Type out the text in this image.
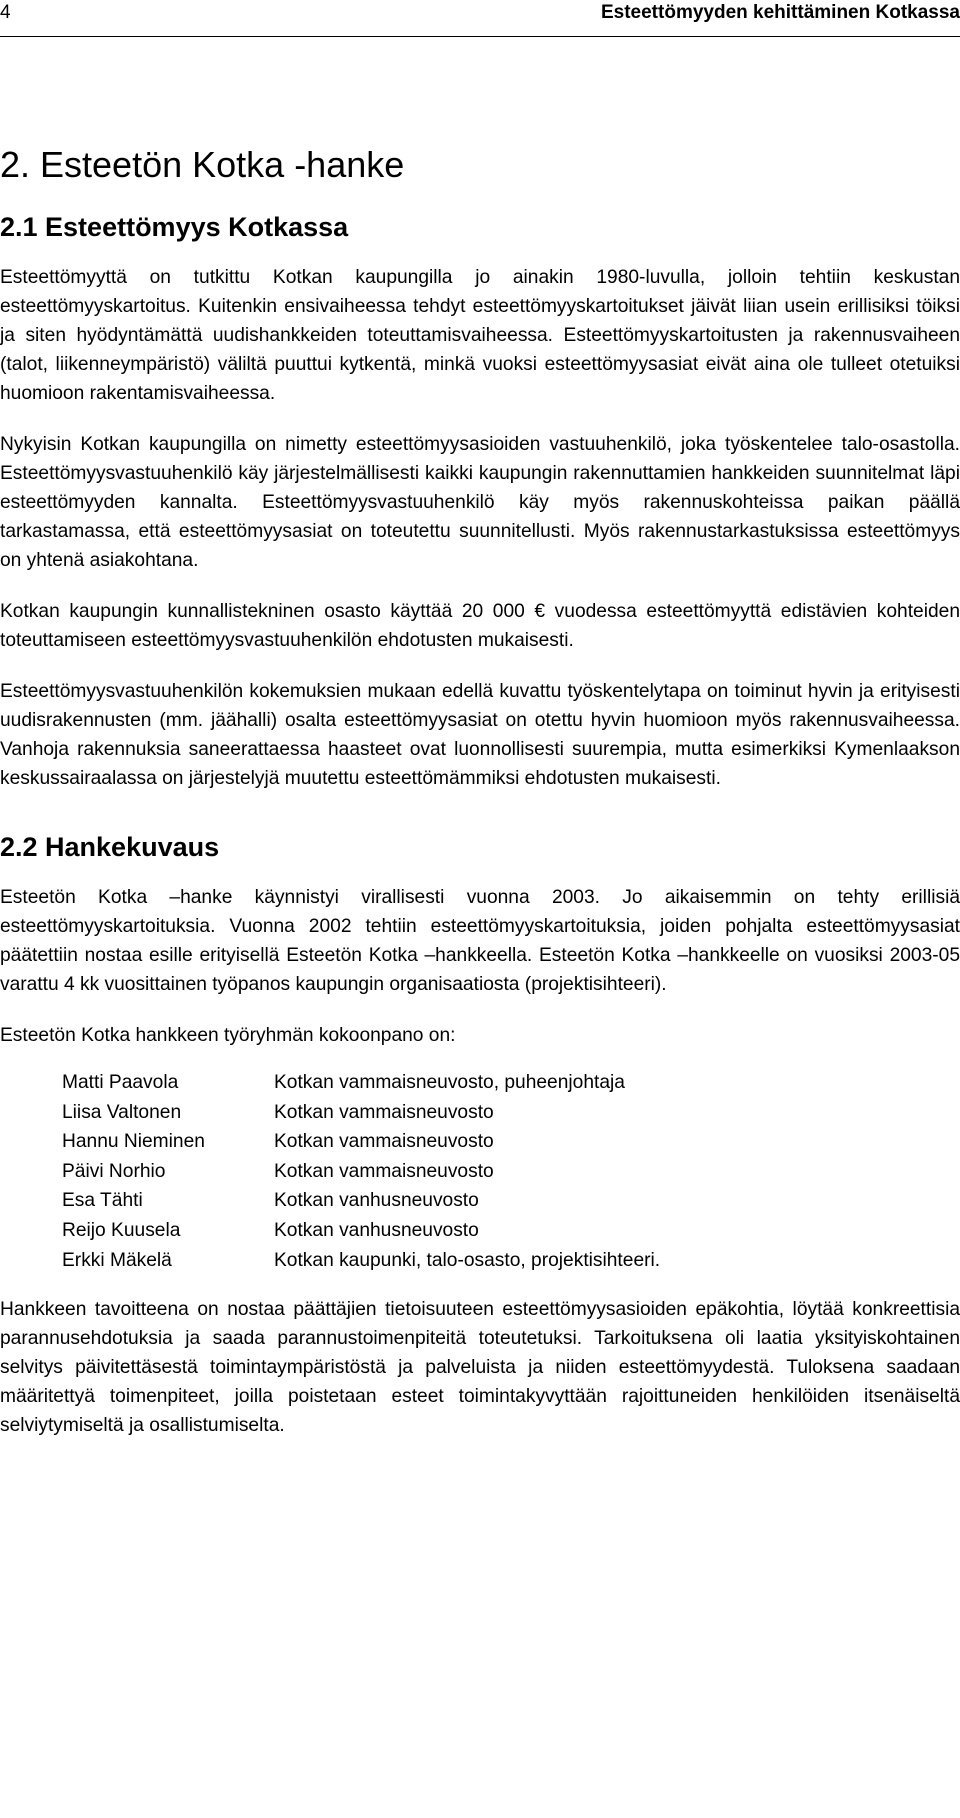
4	Esteettömyyden kehittäminen Kotkassa
2. Esteetön Kotka -hanke
2.1 Esteettömyys Kotkassa

Esteettömyyttä on tutkittu Kotkan kaupungilla jo ainakin 1980-luvulla, jolloin tehtiin keskustan esteettömyyskartoitus. Kuitenkin ensivaiheessa tehdyt esteettömyyskartoitukset jäivät liian usein erillisiksi töiksi ja siten hyödyntämättä uudishankkeiden toteuttamisvaiheessa. Esteettömyyskartoitusten ja rakennusvaiheen (talot, liikenneympäristö) väliltä puuttui kytkentä, minkä vuoksi esteettömyysasiat eivät aina ole tulleet otetuiksi huomioon rakentamisvaiheessa.

Nykyisin Kotkan kaupungilla on nimetty esteettömyysasioiden vastuuhenkilö, joka työskentelee talo-osastolla. Esteettömyysvastuuhenkilö käy järjestelmällisesti kaikki kaupungin rakennuttamien hankkeiden suunnitelmat läpi esteettömyyden kannalta. Esteettömyysvastuuhenkilö käy myös rakennuskohteissa paikan päällä tarkastamassa, että esteettömyysasiat on toteutettu suunnitellusti. Myös rakennustarkastuksissa esteettömyys on yhtenä asiakohtana.

Kotkan kaupungin kunnallistekninen osasto käyttää 20 000 € vuodessa esteettömyyttä edistävien kohteiden toteuttamiseen esteettömyysvastuuhenkilön ehdotusten mukaisesti.

Esteettömyysvastuuhenkilön kokemuksien mukaan edellä kuvattu työskentelytapa on toiminut hyvin ja erityisesti uudisrakennusten (mm. jäähalli) osalta esteettömyysasiat on otettu hyvin huomioon myös rakennusvaiheessa. Vanhoja rakennuksia saneerattaessa haasteet ovat luonnollisesti suurempia, mutta esimerkiksi Kymenlaakson keskussairaalassa on järjestelyjä muutettu esteettömämmiksi ehdotusten mukaisesti.

2.2 Hankekuvaus

Esteetön Kotka –hanke käynnistyi virallisesti vuonna 2003. Jo aikaisemmin on tehty erillisiä esteettömyyskartoituksia. Vuonna 2002 tehtiin esteettömyyskartoituksia, joiden pohjalta esteettömyysasiat päätettiin nostaa esille erityisellä Esteetön Kotka –hankkeella. Esteetön Kotka –hankkeelle on vuosiksi 2003-05 varattu 4 kk vuosittainen työpanos kaupungin organisaatiosta (projektisihteeri).

Esteetön Kotka hankkeen työryhmän kokoonpano on:

Matti Paavola	Kotkan vammaisneuvosto, puheenjohtaja
Liisa Valtonen	Kotkan vammaisneuvosto
Hannu Nieminen	Kotkan vammaisneuvosto
Päivi Norhio	Kotkan vammaisneuvosto
Esa Tähti	Kotkan vanhusneuvosto
Reijo Kuusela	Kotkan vanhusneuvosto
Erkki Mäkelä	Kotkan kaupunki, talo-osasto, projektisihteeri.

Hankkeen tavoitteena on nostaa päättäjien tietoisuuteen esteettömyysasioiden epäkohtia, löytää konkreettisia parannusehdotuksia ja saada parannustoimenpiteitä toteutetuksi. Tarkoituksena oli laatia yksityiskohtainen selvitys päivitettäsestä toimintaympäristöstä ja palveluista ja niiden esteettömyydestä. Tuloksena saadaan määritettyä toimenpiteet, joilla poistetaan esteet toimintakyvyttään rajoittuneiden henkilöiden itsenäiseltä selviytymiseltä ja osallistumiselta.
